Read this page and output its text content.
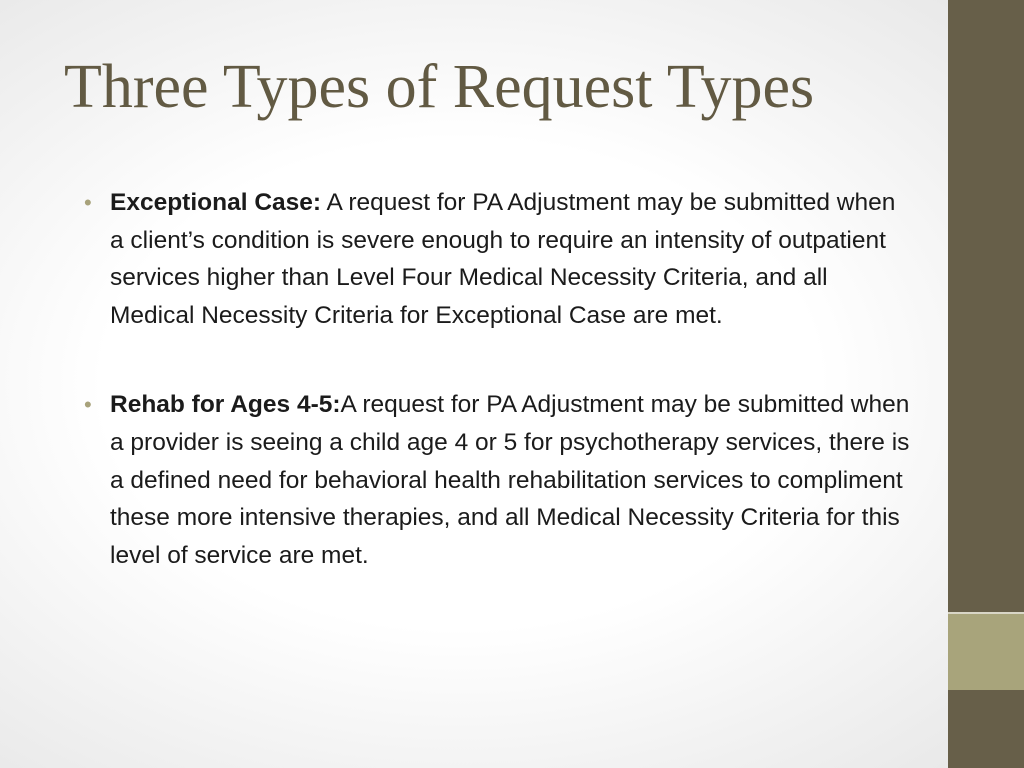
Three Types of Request Types
• Exceptional Case: A request for PA Adjustment may be submitted when a client’s condition is severe enough to require an intensity of outpatient services higher than Level Four Medical Necessity Criteria, and all Medical Necessity Criteria for Exceptional Case are met.
• Rehab for Ages 4-5:A request for PA Adjustment may be submitted when a provider is seeing a child age 4 or 5 for psychotherapy services, there is a defined need for behavioral health rehabilitation services to compliment these more intensive therapies, and all Medical Necessity Criteria for this level of service are met.
